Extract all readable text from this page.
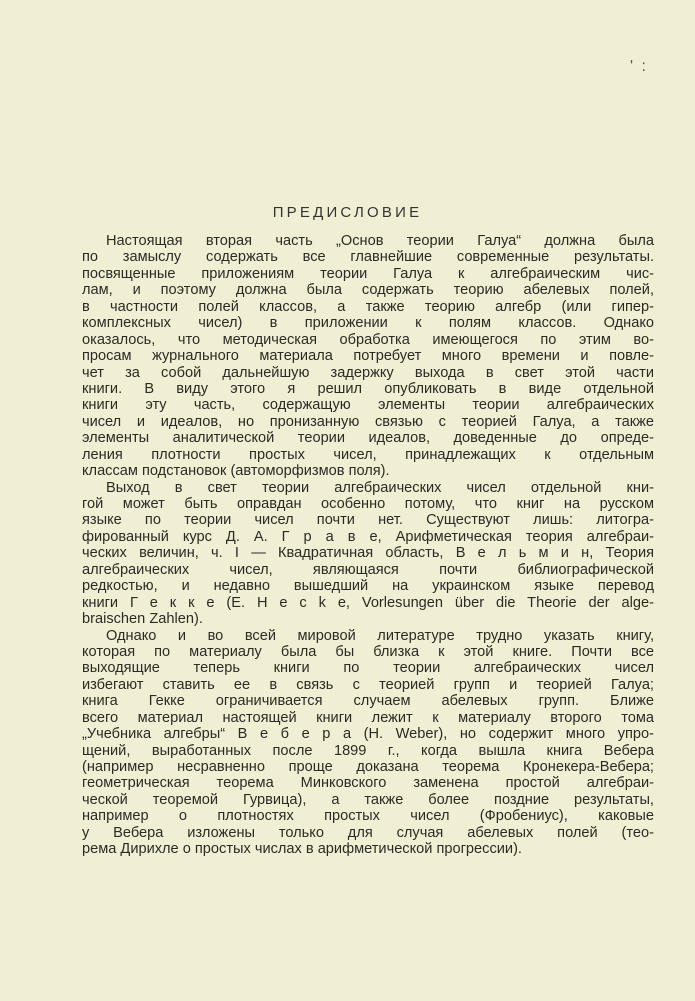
' :
ПРЕДИСЛОВИЕ
Настоящая вторая часть „Основ теории Галуа“ должна была
по замыслу содержать все главнейшие современные результаты.
посвященные приложениям теории Галуа к алгебраическим чис-
лам, и поэтому должна была содержать теорию абелевых полей,
в частности полей классов, а также теорию алгебр (или гипер-
комплексных чисел) в приложении к полям классов. Однако
оказалось, что методическая обработка имеющегося по этим во-
просам журнального материала потребует много времени и повле-
чет за собой дальнейшую задержку выхода в свет этой части
книги. В виду этого я решил опубликовать в виде отдельной
книги эту часть, содержащую элементы теории алгебраических
чисел и идеалов, но пронизанную связью с теорией Галуа, а также
элементы аналитической теории идеалов, доведенные до опреде-
ления плотности простых чисел, принадлежащих к отдельным
классам подстановок (автоморфизмов поля).
Выход в свет теории алгебраических чисел отдельной кни-
гой может быть оправдан особенно потому, что книг на русском
языке по теории чисел почти нет. Существуют лишь: литогра-
фированный курс Д. А. Г р а в е, Арифметическая теория алгебраи-
ческих величин, ч. I — Квадратичная область, В е л ь м и н, Теория
алгебраических чисел, являющаяся почти библиографической
редкостью, и недавно вышедший на украинском языке перевод
книги Г е к к е (E. H e c k e, Vorlesungen über die Theorie der alge-
braischen Zahlen).
Однако и во всей мировой литературе трудно указать книгу,
которая по материалу была бы близка к этой книге. Почти все
выходящие теперь книги по теории алгебраических чисел
избегают ставить ее в связь с теорией групп и теорией Галуа;
книга Гекке ограничивается случаем абелевых групп. Ближе
всего материал настоящей книги лежит к материалу второго тома
„Учебника алгебры“ В е б е р а (H. Weber), но содержит много упро-
щений, выработанных после 1899 г., когда вышла книга Вебера
(например несравненно проще доказана теорема Кронекера-Вебера;
геометрическая теорема Минковского заменена простой алгебраи-
ческой теоремой Гурвица), а также более поздние результаты,
например о плотностях простых чисел (Фробениус), каковые
у Вебера изложены только для случая абелевых полей (тео-
рема Дирихле о простых числах в арифметической прогрессии).
